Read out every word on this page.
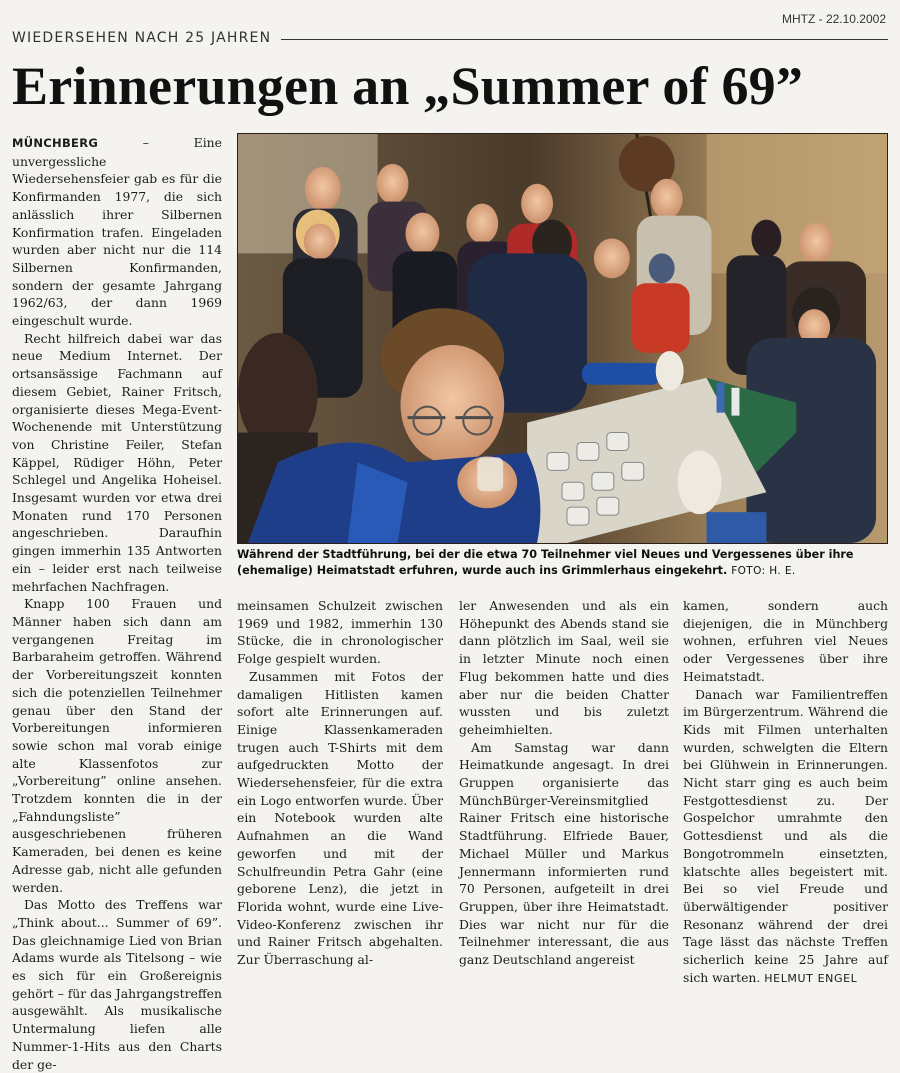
MHTZ - 22.10.2002
WIEDERSEHEN NACH 25 JAHREN
Erinnerungen an „Summer of 69”

MÜNCHBERG	– Eine unvergessliche Wiedersehensfeier gab es für die Konfirmanden 1977, die sich anlässlich ihrer Silbernen Konfirmation trafen. Eingeladen wurden aber nicht nur die 114 Silbernen Konfirmanden, sondern der gesamte Jahrgang 1962/63, der dann 1969 eingeschult wurde.

Recht hilfreich dabei war das neue Medium Internet. Der ortsansässige Fachmann auf diesem Gebiet, Rainer Fritsch, organisierte dieses Mega-Event-Wochenende mit Unterstützung von Christine Feiler, Stefan Käppel, Rüdiger Höhn, Peter Schlegel und Angelika Hoheisel. Insgesamt wurden vor etwa drei Monaten rund 170 Personen angeschrieben. Daraufhin gingen immerhin 135 Antworten ein – leider erst nach teilweise mehrfachen Nachfragen.

Knapp 100 Frauen und Männer haben sich dann am vergangenen Freitag im Barbaraheim getroffen. Während der Vorbereitungszeit konnten sich die potenziellen Teilnehmer genau über den Stand der Vorbereitungen informieren sowie schon mal vorab einige alte Klassenfotos zur „Vorbereitung” online ansehen. Trotzdem konnten die in der „Fahndungsliste” ausgeschriebenen früheren Kameraden, bei denen es keine Adresse gab, nicht alle gefunden werden.

Das Motto des Treffens war „Think about... Summer of 69”. Das gleichnamige Lied von Brian Adams wurde als Titelsong – wie es sich für ein Großereignis gehört – für das Jahrgangstreffen ausgewählt. Als musikalische Untermalung liefen alle Nummer-1-Hits aus den Charts der ge-

Während der Stadtführung, bei der die etwa 70 Teilnehmer viel Neues und Vergessenes über ihre (ehemalige) Heimatstadt erfuhren, wurde auch ins Grimmlerhaus eingekehrt. FOTO: H. E.

meinsamen Schulzeit zwischen 1969 und 1982, immerhin 130 Stücke, die in chronologischer Folge gespielt wurden.

Zusammen mit Fotos der damaligen Hitlisten kamen sofort alte Erinnerungen auf. Einige Klassenkameraden trugen auch T-Shirts mit dem aufgedruckten Motto der Wiedersehensfeier, für die extra ein Logo entworfen wurde. Über ein Notebook wurden alte Aufnahmen an die Wand geworfen und mit der Schulfreundin Petra Gahr (eine geborene Lenz), die jetzt in Florida wohnt, wurde eine Live-Video-Konferenz zwischen ihr und Rainer Fritsch abgehalten. Zur Überraschung al-

ler Anwesenden und als ein Höhepunkt des Abends stand sie dann plötzlich im Saal, weil sie in letzter Minute noch einen Flug bekommen hatte und dies aber nur die beiden Chatter wussten und bis zuletzt geheimhielten.

Am Samstag war dann Heimatkunde angesagt. In drei Gruppen organisierte das MünchBürger-Vereinsmitglied Rainer Fritsch eine historische Stadtführung. Elfriede Bauer, Michael Müller und Markus Jennermann informierten rund 70 Personen, aufgeteilt in drei Gruppen, über ihre Heimatstadt. Dies war nicht nur für die Teilnehmer interessant, die aus ganz Deutschland angereist

kamen, sondern auch diejenigen, die in Münchberg wohnen, erfuhren viel Neues oder Vergessenes über ihre Heimatstadt.

Danach war Familientreffen im Bürgerzentrum. Während die Kids mit Filmen unterhalten wurden, schwelgten die Eltern bei Glühwein in Erinnerungen. Nicht starr ging es auch beim Festgottesdienst zu. Der Gospelchor umrahmte den Gottesdienst und als die Bongotrommeln einsetzten, klatschte alles begeistert mit. Bei so viel Freude und überwältigender positiver Resonanz während der drei Tage lässt das nächste Treffen sicherlich keine 25 Jahre auf sich warten. HELMUT ENGEL
